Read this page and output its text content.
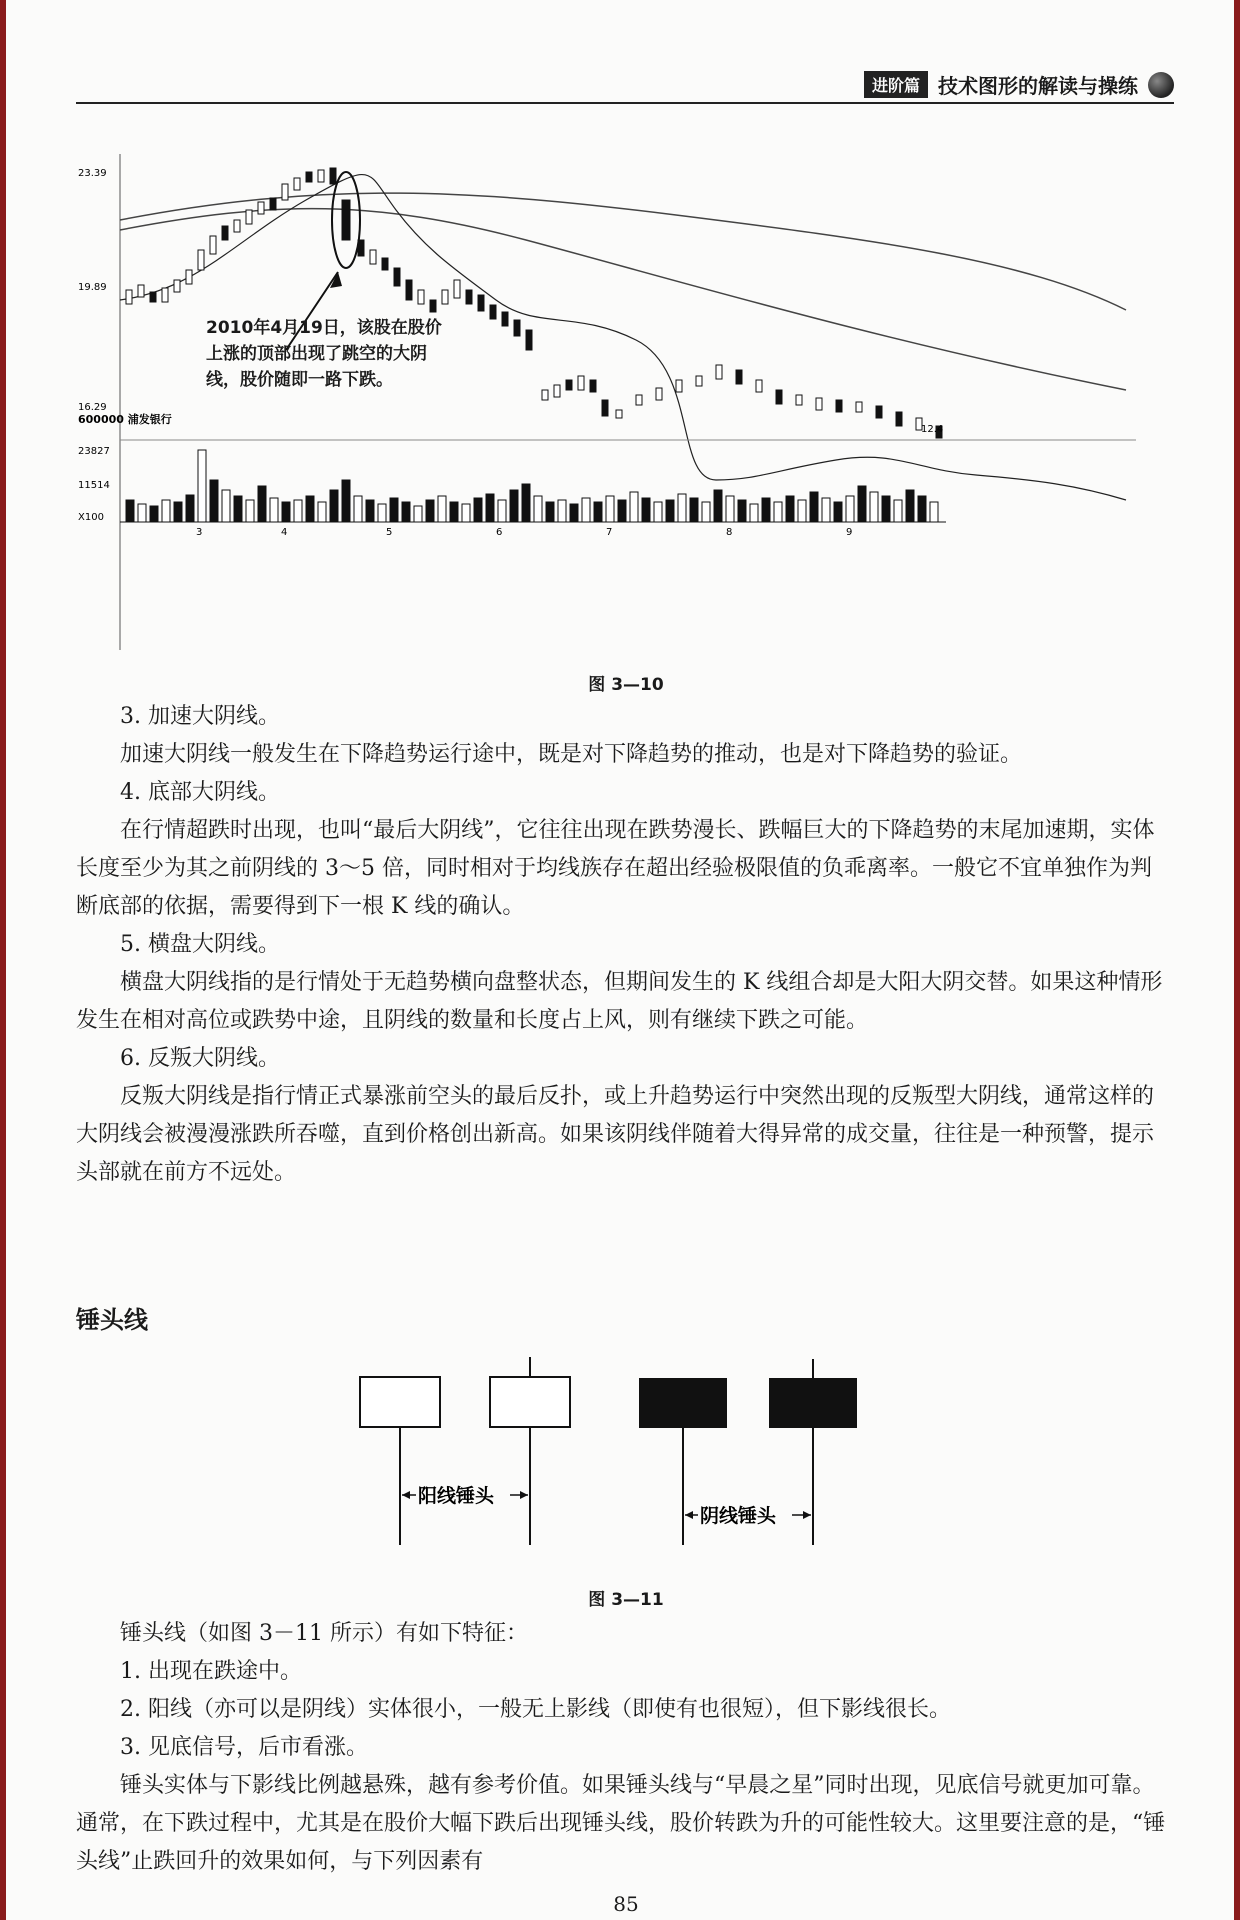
进阶篇 技术图形的解读与操练
23.39
19.89
16.29
12.4
600000 浦发银行
23827
11514
X100
3	4	5	6	7	8	9
2010年4月19日，该股在股价上涨的顶部出现了跳空的大阴线，股价随即一路下跌。
图 3—10

3. 加速大阴线。

加速大阴线一般发生在下降趋势运行途中，既是对下降趋势的推动，也是对下降趋势的验证。

4. 底部大阴线。

在行情超跌时出现，也叫“最后大阴线”，它往往出现在跌势漫长、跌幅巨大的下降趋势的末尾加速期，实体长度至少为其之前阴线的 3～5 倍，同时相对于均线族存在超出经验极限值的负乖离率。一般它不宜单独作为判断底部的依据，需要得到下一根 K 线的确认。

5. 横盘大阴线。

横盘大阴线指的是行情处于无趋势横向盘整状态，但期间发生的 K 线组合却是大阳大阴交替。如果这种情形发生在相对高位或跌势中途，且阴线的数量和长度占上风，则有继续下跌之可能。

6. 反叛大阴线。

反叛大阴线是指行情正式暴涨前空头的最后反扑，或上升趋势运行中突然出现的反叛型大阴线，通常这样的大阴线会被漫漫涨跌所吞噬，直到价格创出新高。如果该阴线伴随着大得异常的成交量，往往是一种预警，提示头部就在前方不远处。

锤头线
阳线锤头
阴线锤头
图 3—11

锤头线（如图 3－11 所示）有如下特征：

1. 出现在跌途中。

2. 阳线（亦可以是阴线）实体很小，一般无上影线（即使有也很短），但下影线很长。

3. 见底信号，后市看涨。

锤头实体与下影线比例越悬殊，越有参考价值。如果锤头线与“早晨之星”同时出现，见底信号就更加可靠。通常，在下跌过程中，尤其是在股价大幅下跌后出现锤头线，股价转跌为升的可能性较大。这里要注意的是，“锤头线”止跌回升的效果如何，与下列因素有

85
